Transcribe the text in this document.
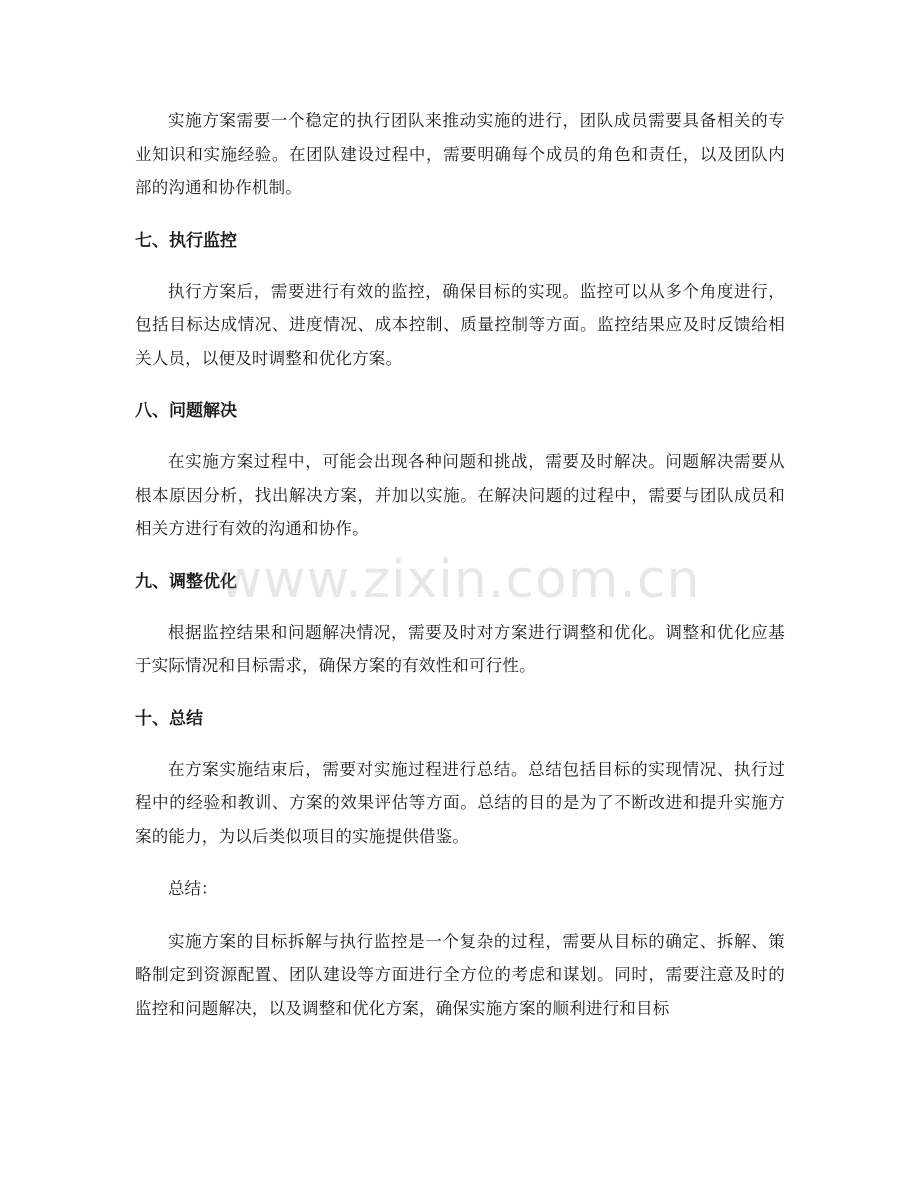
实施方案需要一个稳定的执行团队来推动实施的进行，团队成员需要具备相关的专业知识和实施经验。在团队建设过程中，需要明确每个成员的角色和责任，以及团队内部的沟通和协作机制。

七、执行监控

执行方案后，需要进行有效的监控，确保目标的实现。监控可以从多个角度进行，包括目标达成情况、进度情况、成本控制、质量控制等方面。监控结果应及时反馈给相关人员，以便及时调整和优化方案。

八、问题解决

在实施方案过程中，可能会出现各种问题和挑战，需要及时解决。问题解决需要从根本原因分析，找出解决方案，并加以实施。在解决问题的过程中，需要与团队成员和相关方进行有效的沟通和协作。

九、调整优化

根据监控结果和问题解决情况，需要及时对方案进行调整和优化。调整和优化应基于实际情况和目标需求，确保方案的有效性和可行性。

十、总结

在方案实施结束后，需要对实施过程进行总结。总结包括目标的实现情况、执行过程中的经验和教训、方案的效果评估等方面。总结的目的是为了不断改进和提升实施方案的能力，为以后类似项目的实施提供借鉴。

总结：

实施方案的目标拆解与执行监控是一个复杂的过程，需要从目标的确定、拆解、策略制定到资源配置、团队建设等方面进行全方位的考虑和谋划。同时，需要注意及时的监控和问题解决，以及调整和优化方案，确保实施方案的顺利进行和目标

www.zixin.com.cn
